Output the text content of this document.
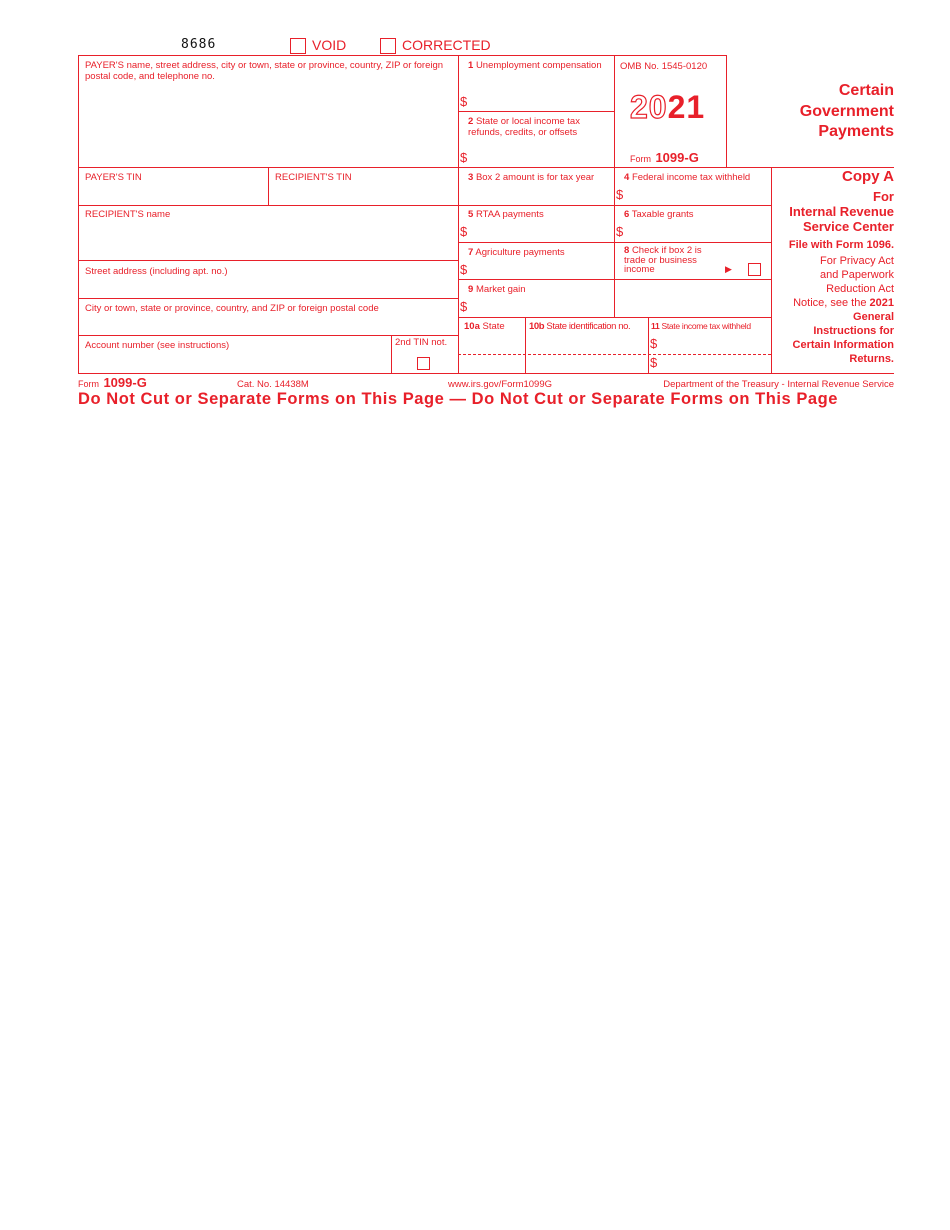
8686	VOID	CORRECTED
PAYER'S name, street address, city or town, state or province, country, ZIP or foreign postal code, and telephone no.
PAYER'S TIN	RECIPIENT'S TIN
RECIPIENT'S name
Street address (including apt. no.)
City or town, state or province, country, and ZIP or foreign postal code
Account number (see instructions)	2nd TIN not.
1 Unemployment compensation
$
2 State or local income tax refunds, credits, or offsets
$
OMB No. 1545-0120
2021
Form 1099-G
Certain
Government
Payments
3 Box 2 amount is for tax year	4 Federal income tax withheld
$
5 RTAA payments
$
6 Taxable grants
$
7 Agriculture payments
$
8 Check if box 2 is trade or business income	▶
9 Market gain
$
10a State	10b State identification no. 11 State income tax withheld
$
$
Copy A
For
Internal Revenue
Service Center
File with Form 1096.
For Privacy Act
and Paperwork
Reduction Act
Notice, see the 2021
General
Instructions for
Certain Information
Returns.
Form 1099-G	Cat. No. 14438M	www.irs.gov/Form1099G	Department of the Treasury - Internal Revenue Service
Do Not Cut or Separate Forms on This Page — Do Not Cut or Separate Forms on This Page
